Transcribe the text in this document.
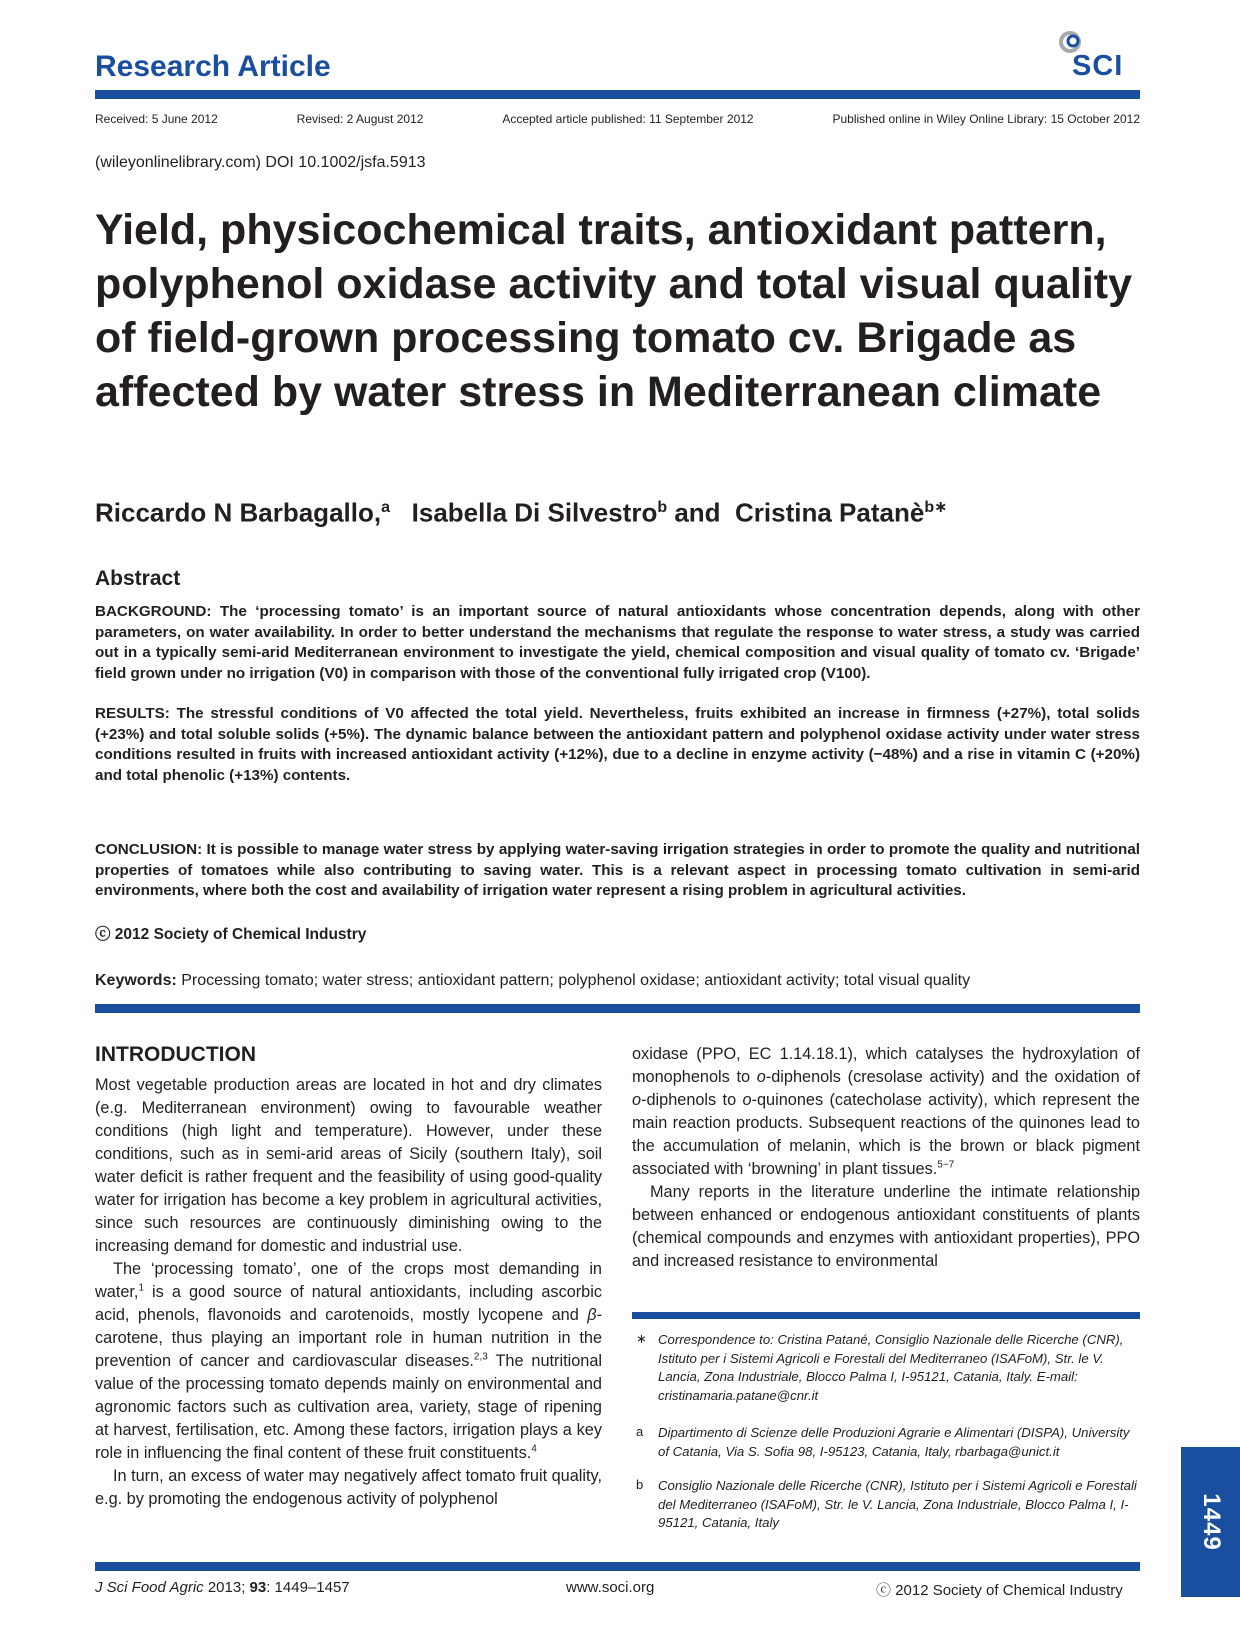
Research Article	SCI
Received: 5 June 2012	Revised: 2 August 2012	Accepted article published: 11 September 2012	Published online in Wiley Online Library: 15 October 2012
(wileyonlinelibrary.com) DOI 10.1002/jsfa.5913
Yield, physicochemical traits, antioxidant pattern, polyphenol oxidase activity and total visual quality of field-grown processing tomato cv. Brigade as affected by water stress in Mediterranean climate
Riccardo N Barbagallo,$^a$ Isabella Di Silvestro$^b$ and Cristina Patanè$^{b∗}$
Abstract

BACKGROUND: The ‘processing tomato’ is an important source of natural antioxidants whose concentration depends, along with other parameters, on water availability. In order to better understand the mechanisms that regulate the response to water stress, a study was carried out in a typically semi-arid Mediterranean environment to investigate the yield, chemical composition and visual quality of tomato cv. ‘Brigade’ field grown under no irrigation (V0) in comparison with those of the conventional fully irrigated crop (V100).

RESULTS: The stressful conditions of V0 affected the total yield. Nevertheless, fruits exhibited an increase in firmness (+27%), total solids (+23%) and total soluble solids (+5%). The dynamic balance between the antioxidant pattern and polyphenol oxidase activity under water stress conditions resulted in fruits with increased antioxidant activity (+12%), due to a decline in enzyme activity (−48%) and a rise in vitamin C (+20%) and total phenolic (+13%) contents.

CONCLUSION: It is possible to manage water stress by applying water-saving irrigation strategies in order to promote the quality and nutritional properties of tomatoes while also contributing to saving water. This is a relevant aspect in processing tomato cultivation in semi-arid environments, where both the cost and availability of irrigation water represent a rising problem in agricultural activities.

ⓒ 2012 Society of Chemical Industry
Keywords: Processing tomato; water stress; antioxidant pattern; polyphenol oxidase; antioxidant activity; total visual quality
INTRODUCTION

Most vegetable production areas are located in hot and dry climates (e.g. Mediterranean environment) owing to favourable weather conditions (high light and temperature). However, under these conditions, such as in semi-arid areas of Sicily (southern Italy), soil water deficit is rather frequent and the feasibility of using good-quality water for irrigation has become a key problem in agricultural activities, since such resources are continuously diminishing owing to the increasing demand for domestic and industrial use.

The ‘processing tomato’, one of the crops most demanding in water,$^1$ is a good source of natural antioxidants, including ascorbic acid, phenols, flavonoids and carotenoids, mostly lycopene and β-carotene, thus playing an important role in human nutrition in the prevention of cancer and cardiovascular diseases.$^{2,3}$ The nutritional value of the processing tomato depends mainly on environmental and agronomic factors such as cultivation area, variety, stage of ripening at harvest, fertilisation, etc. Among these factors, irrigation plays a key role in influencing the final content of these fruit constituents.$^4$

In turn, an excess of water may negatively affect tomato fruit quality, e.g. by promoting the endogenous activity of polyphenol

oxidase (PPO, EC 1.14.18.1), which catalyses the hydroxylation of monophenols to o-diphenols (cresolase activity) and the oxidation of o-diphenols to o-quinones (catecholase activity), which represent the main reaction products. Subsequent reactions of the quinones lead to the accumulation of melanin, which is the brown or black pigment associated with ‘browning’ in plant tissues.$^{5-7}$

Many reports in the literature underline the intimate relationship between enhanced or endogenous antioxidant constituents of plants (chemical compounds and enzymes with antioxidant properties), PPO and increased resistance to environmental

∗ Correspondence to: Cristina Patané, Consiglio Nazionale delle Ricerche (CNR), Istituto per i Sistemi Agricoli e Forestali del Mediterraneo (ISAFoM), Str. le V. Lancia, Zona Industriale, Blocco Palma I, I-95121, Catania, Italy. E-mail: cristinamaria.patane@cnr.it

a Dipartimento di Scienze delle Produzioni Agrarie e Alimentari (DISPA), University of Catania, Via S. Sofia 98, I-95123, Catania, Italy, rbarbaga@unict.it

b Consiglio Nazionale delle Ricerche (CNR), Istituto per i Sistemi Agricoli e Forestali del Mediterraneo (ISAFoM), Str. le V. Lancia, Zona Industriale, Blocco Palma I, I-95121, Catania, Italy

J Sci Food Agric 2013; 93: 1449–1457	www.soci.org	ⓒ 2012 Society of Chemical Industry
1449
